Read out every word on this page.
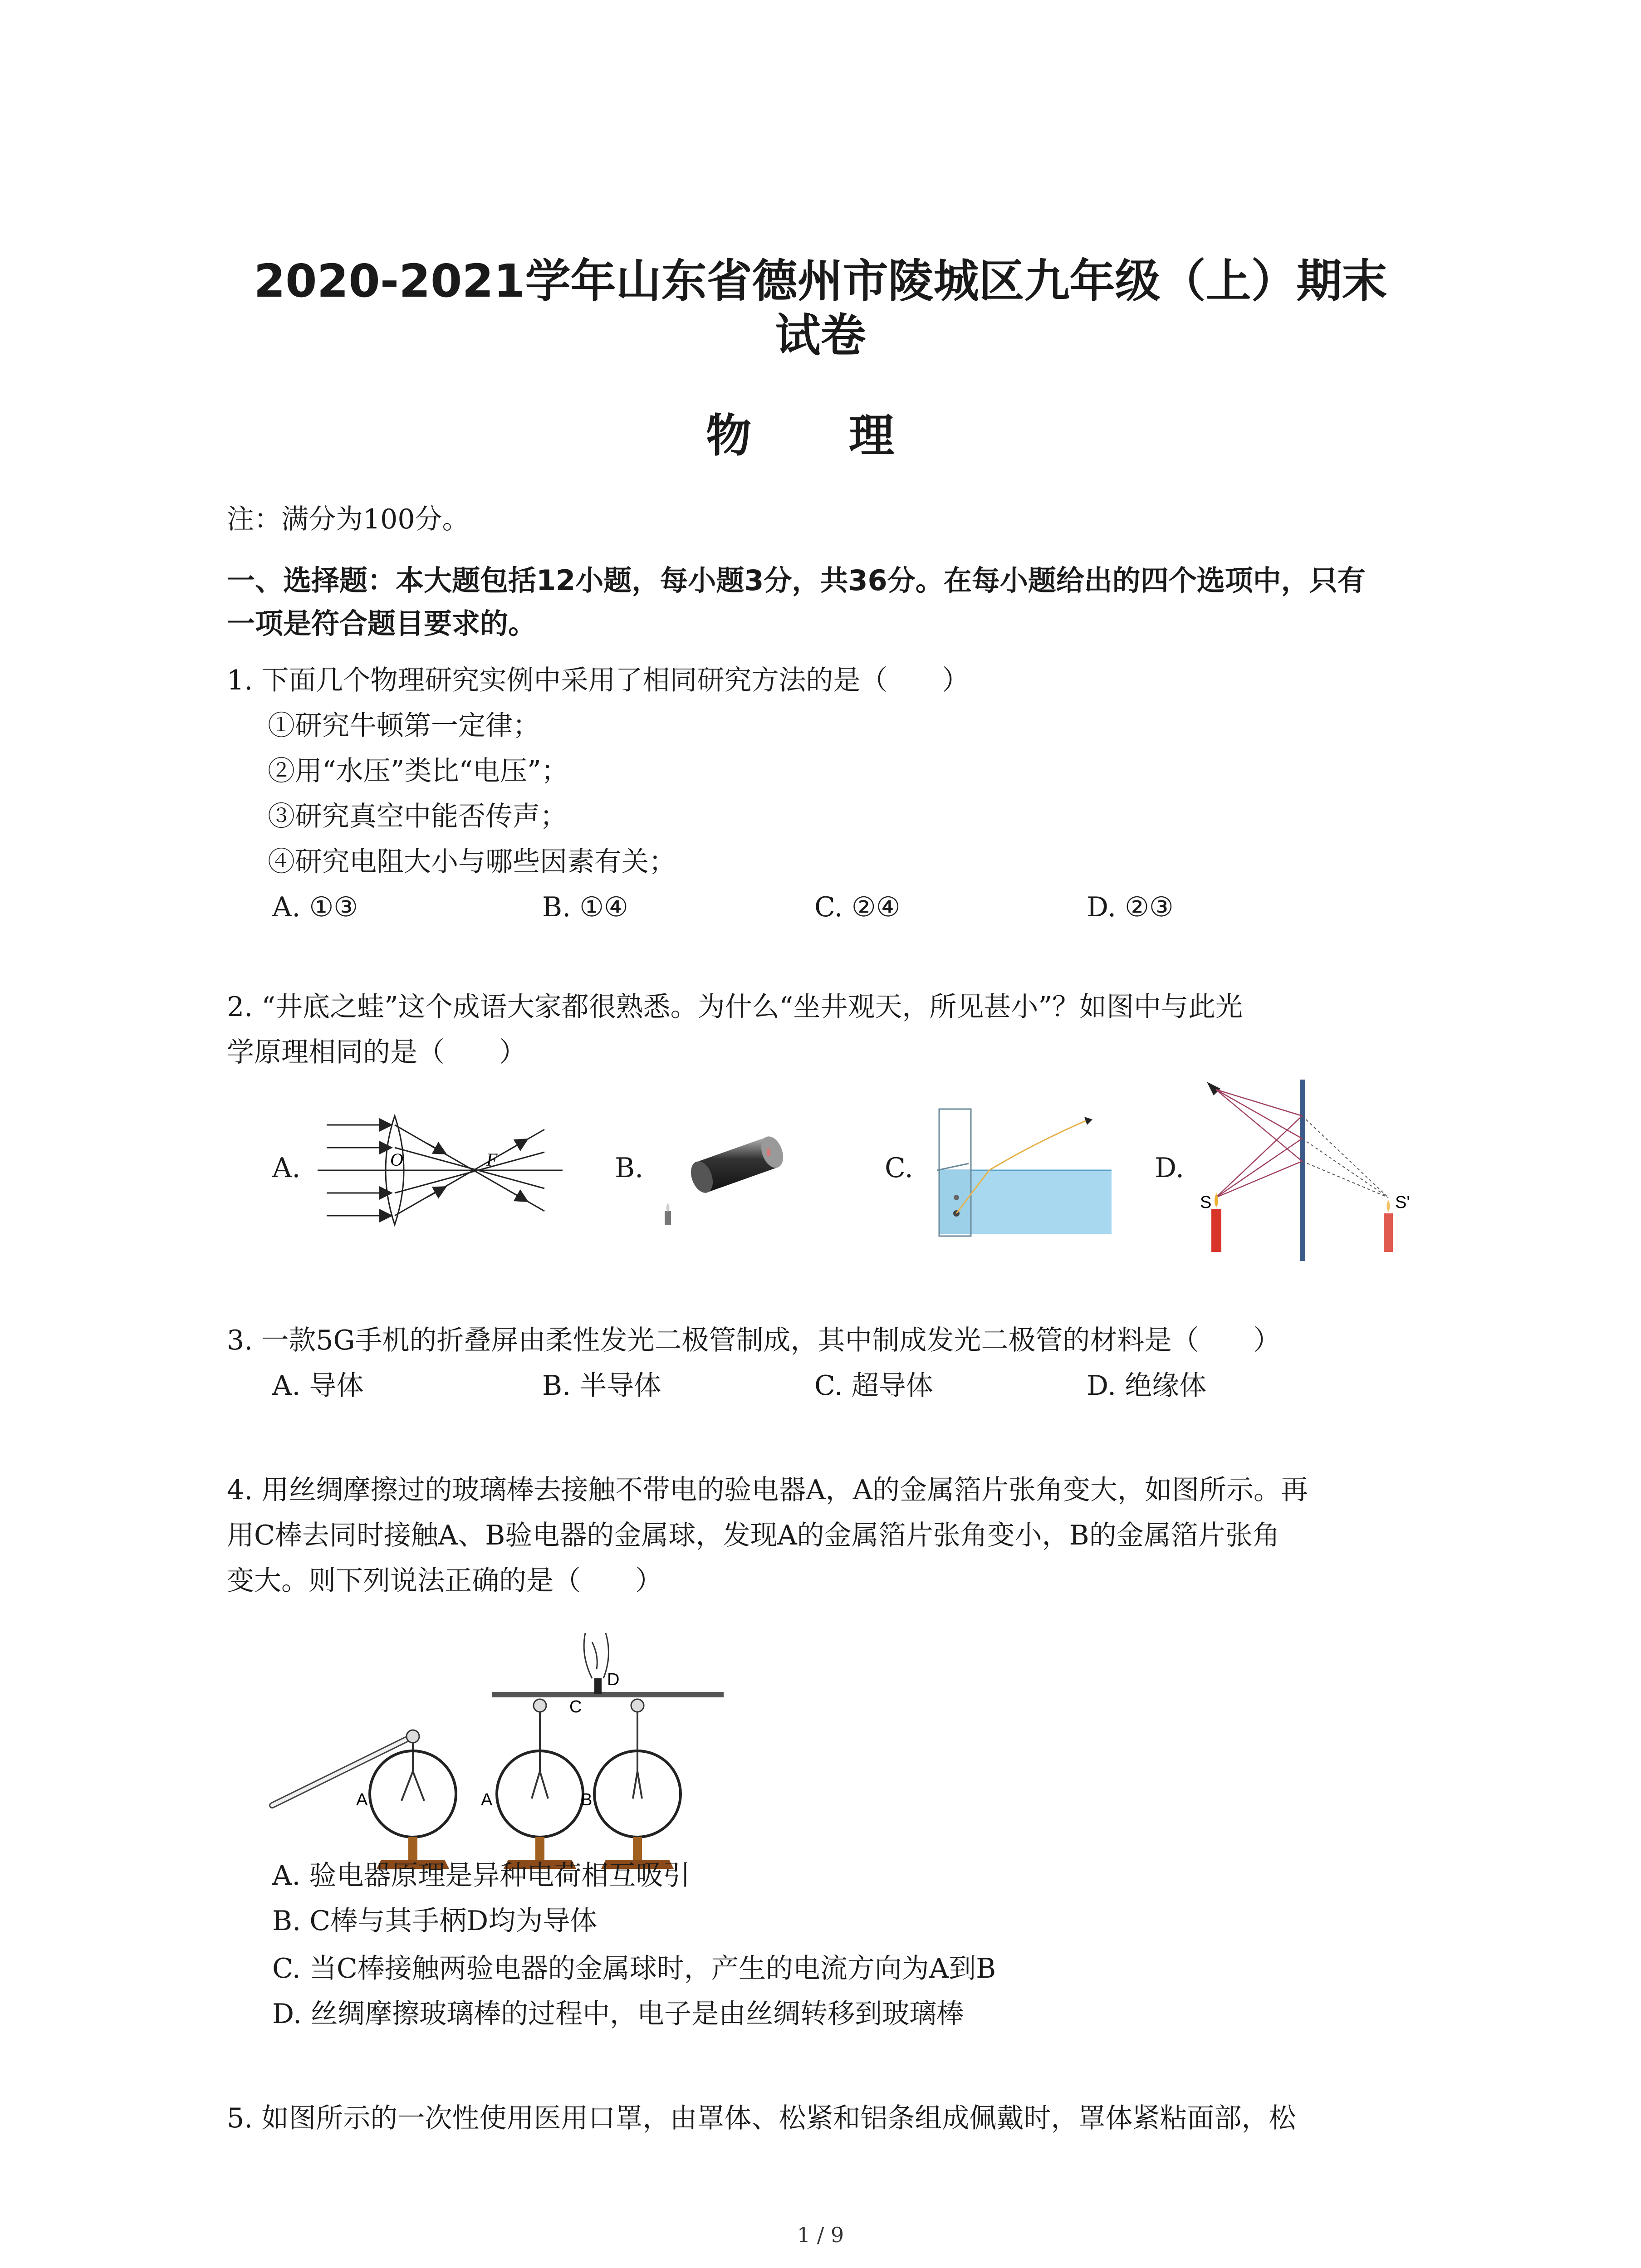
2020-2021学年山东省德州市陵城区九年级（上）期末
试卷
物 理
注：满分为100分。
一、选择题：本大题包括12小题，每小题3分，共36分。在每小题给出的四个选项中，只有
一项是符合题目要求的。
1. 下面几个物理研究实例中采用了相同研究方法的是（　　）
①研究牛顿第一定律；
②用“水压”类比“电压”；
③研究真空中能否传声；
④研究电阻大小与哪些因素有关；
A. ①③	B. ①④	C. ②④	D. ②③
2. “井底之蛙”这个成语大家都很熟悉。为什么“坐井观天，所见甚小”？如图中与此光
学原理相同的是（　　）
A.	B.	C.	D.
O	F
S	S'
3. 一款5G手机的折叠屏由柔性发光二极管制成，其中制成发光二极管的材料是（　　）
A. 导体	B. 半导体	C. 超导体	D. 绝缘体
4. 用丝绸摩擦过的玻璃棒去接触不带电的验电器A，A的金属箔片张角变大，如图所示。再
用C棒去同时接触A、B验电器的金属球，发现A的金属箔片张角变小，B的金属箔片张角
变大。则下列说法正确的是（　　）
D
C
A	A	B
A. 验电器原理是异种电荷相互吸引
B. C棒与其手柄D均为导体
C. 当C棒接触两验电器的金属球时，产生的电流方向为A到B
D. 丝绸摩擦玻璃棒的过程中，电子是由丝绸转移到玻璃棒
5. 如图所示的一次性使用医用口罩，由罩体、松紧和铝条组成佩戴时，罩体紧粘面部，松
1 / 9
